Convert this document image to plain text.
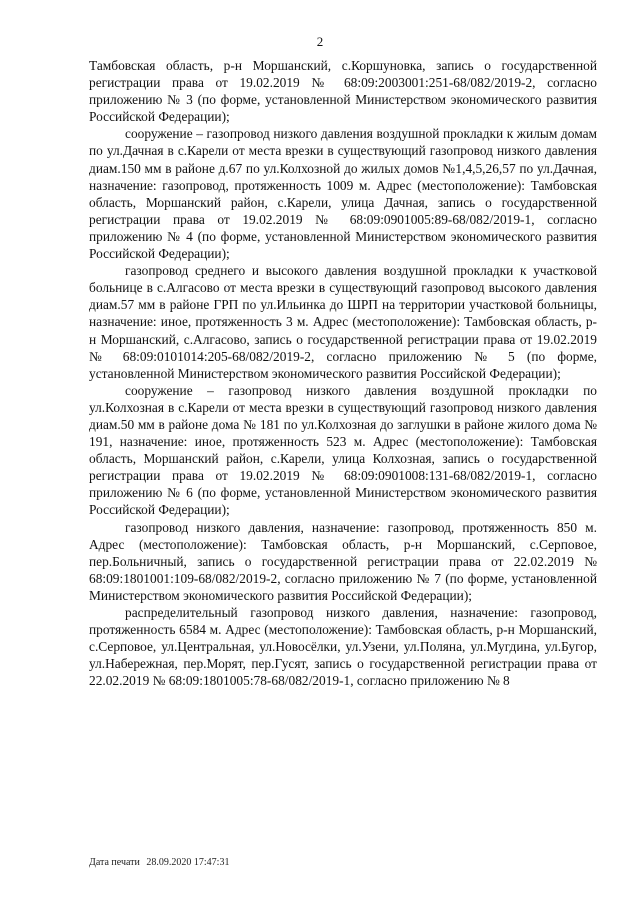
2

Тамбовская область, р-н Моршанский, с.Коршуновка, запись о государственной регистрации права от 19.02.2019 № 68:09:2003001:251-68/082/2019-2, согласно приложению № 3 (по форме, установленной Министерством экономического развития Российской Федерации);

сооружение – газопровод низкого давления воздушной прокладки к жилым домам по ул.Дачная в с.Карели от места врезки в существующий газопровод низкого давления диам.150 мм в районе д.67 по ул.Колхозной до жилых домов №1,4,5,26,57 по ул.Дачная, назначение: газопровод, протяженность 1009 м. Адрес (местоположение): Тамбовская область, Моршанский район, с.Карели, улица Дачная, запись о государственной регистрации права от 19.02.2019 № 68:09:0901005:89-68/082/2019-1, согласно приложению № 4 (по форме, установленной Министерством экономического развития Российской Федерации);

газопровод среднего и высокого давления воздушной прокладки к участковой больнице в с.Алгасово от места врезки в существующий газопровод высокого давления диам.57 мм в районе ГРП по ул.Ильинка до ШРП на территории участковой больницы, назначение: иное, протяженность 3 м. Адрес (местоположение): Тамбовская область, р-н Моршанский, с.Алгасово, запись о государственной регистрации права от 19.02.2019 № 68:09:0101014:205-68/082/2019-2, согласно приложению № 5 (по форме, установленной Министерством экономического развития Российской Федерации);

сооружение – газопровод низкого давления воздушной прокладки по ул.Колхозная в с.Карели от места врезки в существующий газопровод низкого давления диам.50 мм в районе дома № 181 по ул.Колхозная до заглушки в районе жилого дома № 191, назначение: иное, протяженность 523 м. Адрес (местоположение): Тамбовская область, Моршанский район, с.Карели, улица Колхозная, запись о государственной регистрации права от 19.02.2019 № 68:09:0901008:131-68/082/2019-1, согласно приложению № 6 (по форме, установленной Министерством экономического развития Российской Федерации);

газопровод низкого давления, назначение: газопровод, протяженность 850 м. Адрес (местоположение): Тамбовская область, р-н Моршанский, с.Серповое, пер.Больничный, запись о государственной регистрации права от 22.02.2019 № 68:09:1801001:109-68/082/2019-2, согласно приложению № 7 (по форме, установленной Министерством экономического развития Российской Федерации);

распределительный газопровод низкого давления, назначение: газопровод, протяженность 6584 м. Адрес (местоположение): Тамбовская область, р-н Моршанский, с.Серповое, ул.Центральная, ул.Новосёлки, ул.Узени, ул.Поляна, ул.Мугдина, ул.Бугор, ул.Набережная, пер.Морят, пер.Гусят, запись о государственной регистрации права от 22.02.2019 № 68:09:1801005:78-68/082/2019-1, согласно приложению № 8

Дата печати 28.09.2020 17:47:31
